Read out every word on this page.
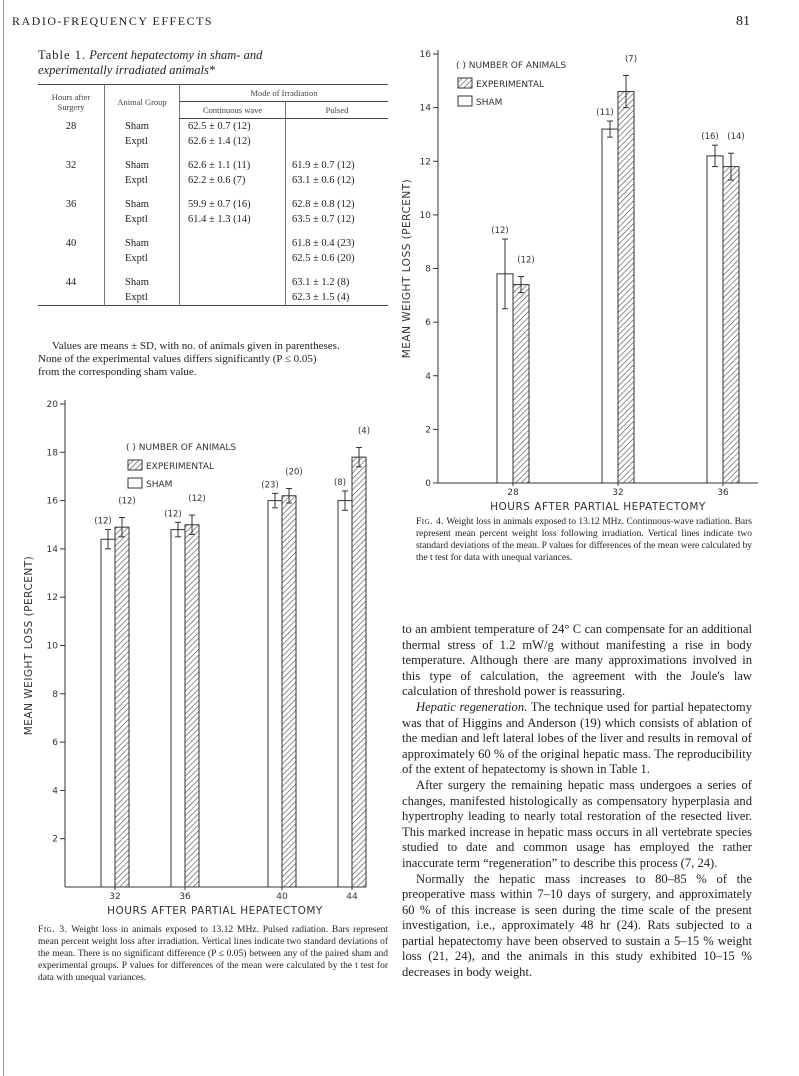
RADIO-FREQUENCY EFFECTS	81
Table 1. Percent hepatectomy in sham- and
experimentally irradiated animals*
Hours after Surgery	Animal Group	Mode of Irradiation	
		Continuous wave	Pulsed
28	Sham	62.5 ± 0.7 (12)	
	Exptl	62.6 ± 1.4 (12)	

32	Sham	62.6 ± 1.1 (11)	61.9 ± 0.7 (12)
	Exptl	62.2 ± 0.6 (7)	63.1 ± 0.6 (12)

36	Sham	59.9 ± 0.7 (16)	62.8 ± 0.8 (12)
	Exptl	61.4 ± 1.3 (14)	63.5 ± 0.7 (12)

40	Sham		61.8 ± 0.4 (23)
	Exptl		62.5 ± 0.6 (20)

44	Sham		63.1 ± 1.2 (8)
	Exptl		62.3 ± 1.5 (4)
Values are means ± SD, with no. of animals given in parentheses.
None of the experimental values differs significantly (P ≤ 0.05)
from the corresponding sham value.
2
4
6
8
10
12
14
16
18
20
MEAN WEIGHT LOSS (PERCENT)
HOURS AFTER PARTIAL HEPATECTOMY
32
(12)
(12)
36
(12)
(12)
40
(23)
(20)
44
(8)
(4)
( ) NUMBER OF ANIMALS
EXPERIMENTAL
SHAM
Fig. 3. Weight loss in animals exposed to 13.12 MHz. Pulsed radiation. Bars represent mean percent weight loss after irradiation. Vertical lines indicate two standard deviations of the mean. There is no significant difference (P ≤ 0.05) between any of the paired sham and experimental groups. P values for differences of the mean were calculated by the t test for data with unequal variances.
0
2
4
6
8
10
12
14
16
MEAN WEIGHT LOSS (PERCENT)
HOURS AFTER PARTIAL HEPATECTOMY
28
(12)
(12)
32
(11)
(7)
36
(16) (14)
( ) NUMBER OF ANIMALS
EXPERIMENTAL
SHAM
Fig. 4. Weight loss in animals exposed to 13.12 MHz. Continuous-wave radiation. Bars represent mean percent weight loss following irradiation. Vertical lines indicate two standard deviations of the mean. P values for differences of the mean were calculated by the t test for data with unequal variances.

to an ambient temperature of 24° C can compensate for an additional thermal stress of 1.2 mW/g without manifesting a rise in body temperature. Although there are many approximations involved in this type of calculation, the agreement with the Joule's law calculation of threshold power is reassuring.

Hepatic regeneration. The technique used for partial hepatectomy was that of Higgins and Anderson (19) which consists of ablation of the median and left lateral lobes of the liver and results in removal of approximately 60 % of the original hepatic mass. The reproducibility of the extent of hepatectomy is shown in Table 1.

After surgery the remaining hepatic mass undergoes a series of changes, manifested histologically as compensatory hyperplasia and hypertrophy leading to nearly total restoration of the resected liver. This marked increase in hepatic mass occurs in all vertebrate species studied to date and common usage has employed the rather inaccurate term “regeneration” to describe this process (7, 24).

Normally the hepatic mass increases to 80–85 % of the preoperative mass within 7–10 days of surgery, and approximately 60 % of this increase is seen during the time scale of the present investigation, i.e., approximately 48 hr (24). Rats subjected to a partial hepatectomy have been observed to sustain a 5–15 % weight loss (21, 24), and the animals in this study exhibited 10–15 % decreases in body weight.
